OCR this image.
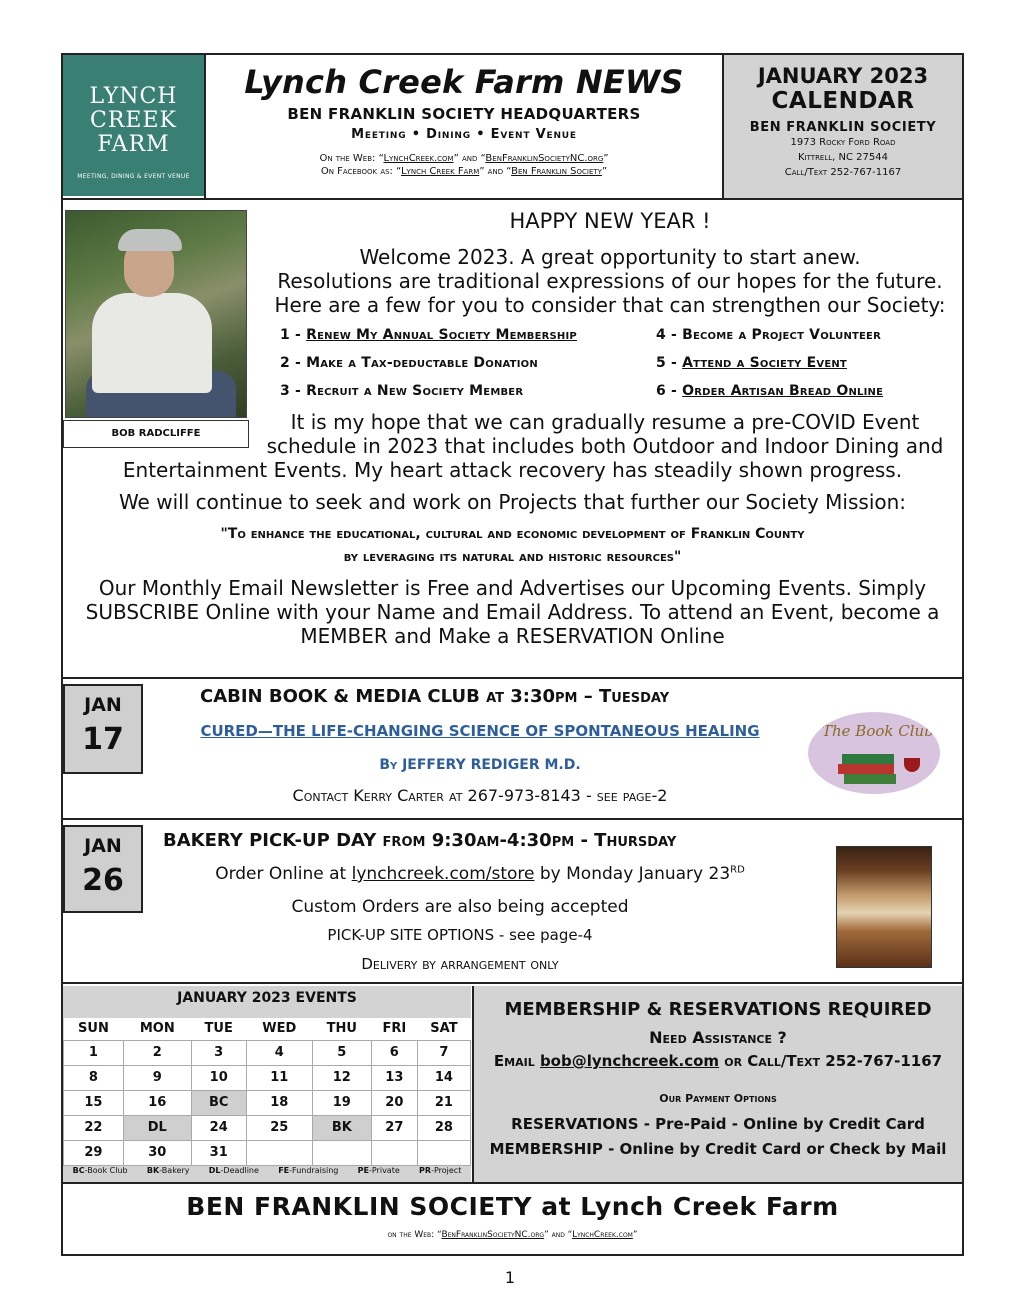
LYNCH
CREEK
FARM
MEETING, DINING & EVENT VENUE
Lynch Creek Farm NEWS
BEN FRANKLIN SOCIETY HEADQUARTERS
Meeting • Dining • Event Venue
On the Web: “LynchCreek.com” and “BenFranklinSocietyNC.org”
On Facebook as: “Lynch Creek Farm” and “Ben Franklin Society”
JANUARY 2023
CALENDAR
BEN FRANKLIN SOCIETY
1973 Rocky Ford Road
Kittrell, NC 27544
Call/Text 252-767-1167
BOB RADCLIFFE
HAPPY NEW YEAR !
Welcome 2023. A great opportunity to start anew.
Resolutions are traditional expressions of our hopes for the future.
Here are a few for you to consider that can strengthen our Society:
1 - Renew My Annual Society Membership
2 - Make a Tax-deductable Donation
3 - Recruit a New Society Member
4 - Become a Project Volunteer
5 - Attend a Society Event
6 - Order Artisan Bread Online
It is my hope that we can gradually resume a pre-COVID Event
schedule in 2023 that includes both Outdoor and Indoor Dining and
Entertainment Events. My heart attack recovery has steadily shown progress.
We will continue to seek and work on Projects that further our Society Mission:
"To enhance the educational, cultural and economic development of Franklin County
by leveraging its natural and historic resources"
Our Monthly Email Newsletter is Free and Advertises our Upcoming Events. Simply
SUBSCRIBE Online with your Name and Email Address. To attend an Event, become a
MEMBER and Make a RESERVATION Online
JAN
17
CABIN BOOK & MEDIA CLUB at 3:30pm – Tuesday
CURED—THE LIFE-CHANGING SCIENCE OF SPONTANEOUS HEALING
By JEFFERY REDIGER M.D.
Contact Kerry Carter at 267-973-8143 - see page-2
The Book Club
JAN
26
BAKERY PICK-UP DAY from 9:30am-4:30pm - Thursday
Order Online at lynchcreek.com/store by Monday January 23RD
Custom Orders are also being accepted
PICK-UP SITE OPTIONS - see page-4
Delivery by arrangement only
JANUARY 2023 EVENTS
SUN	MON	TUE	WED	THU	FRI	SAT
1	2	3	4	5	6	7
8	9	10	11	12	13	14
15	16	BC	18	19	20	21
22	DL	24	25	BK	27	28
29	30	31				
BC-Book Club BK-Bakery DL-Deadline FE-Fundraising PE-Private PR-Project
MEMBERSHIP & RESERVATIONS REQUIRED
Need Assistance ?
Email bob@lynchcreek.com or Call/Text 252-767-1167
Our Payment Options
RESERVATIONS - Pre-Paid - Online by Credit Card
MEMBERSHIP - Online by Credit Card or Check by Mail
BEN FRANKLIN SOCIETY at Lynch Creek Farm
on the Web: “BenFranklinSocietyNC.org” and “LynchCreek.com”
1
